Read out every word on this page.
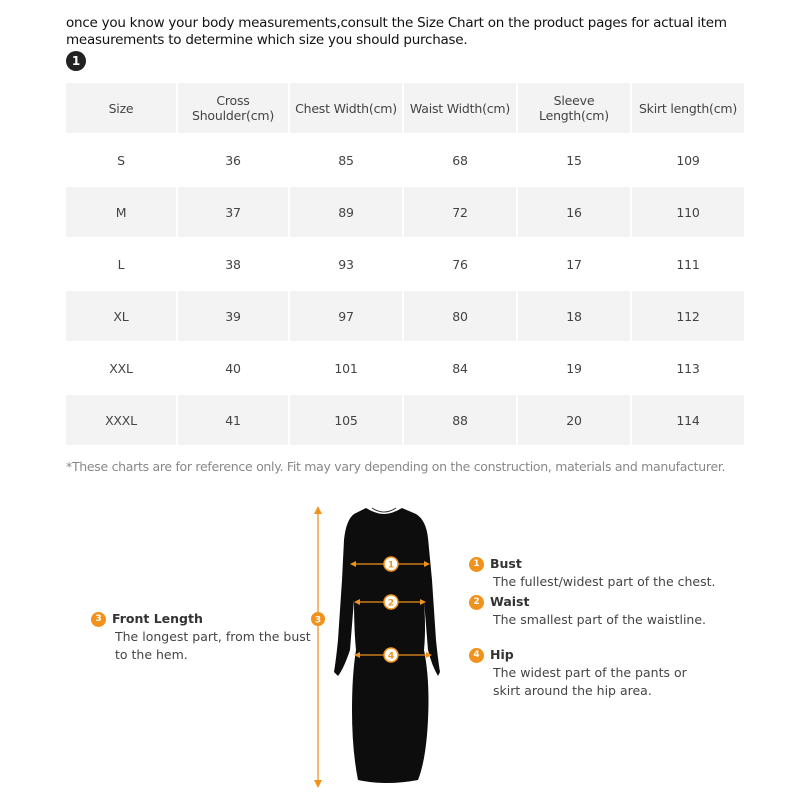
once you know your body measurements,consult the Size Chart on the product pages for actual item measurements to determine which size you should purchase.
1
Size	Cross Shoulder(cm)	Chest Width(cm)	Waist Width(cm)	Sleeve Length(cm)	Skirt length(cm)
S	36	85	68	15	109
M	37	89	72	16	110
L	38	93	76	17	111
XL	39	97	80	18	112
XXL	40	101	84	19	113
XXXL	41	105	88	20	114
*These charts are for reference only. Fit may vary depending on the construction, materials and manufacturer.
3 Front Length
The longest part, from the bust to the hem.
1 Bust
The fullest/widest part of the chest.
2 Waist
The smallest part of the waistline.
4 Hip
The widest part of the pants or skirt around the hip area.
3
1
2
4
